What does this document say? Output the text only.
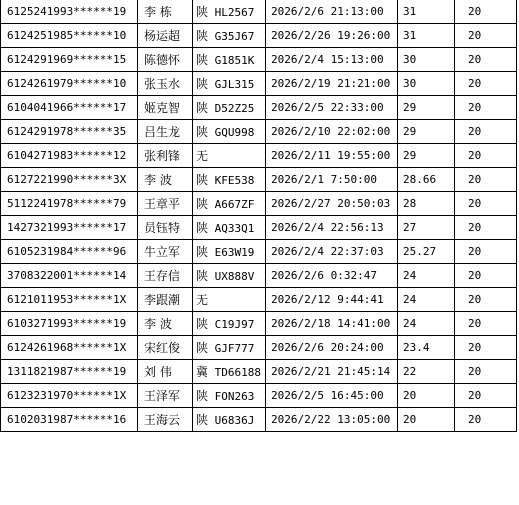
6125241993******19	李 栋	陕 HL2567	2026/2/6 21:13:00	31	20
6124251985******10	杨运超	陕 G35J67	2026/2/26 19:26:00	31	20
6124291969******15	陈德怀	陕 G1851K	2026/2/4 15:13:00	30	20
6124261979******10	张玉水	陕 GJL315	2026/2/19 21:21:00	30	20
6104041966******17	姬克智	陕 D52Z25	2026/2/5 22:33:00	29	20
6124291978******35	吕生龙	陕 GQU998	2026/2/10 22:02:00	29	20
6104271983******12	张利锋	无	2026/2/11 19:55:00	29	20
6127221990******3X	李 波	陕 KFE538	2026/2/1 7:50:00	28.66	20
5112241978******79	王章平	陕 A667ZF	2026/2/27 20:50:03	28	20
1427321993******17	员钰特	陕 AQ33Q1	2026/2/4 22:56:13	27	20
6105231984******96	牛立军	陕 E63W19	2026/2/4 22:37:03	25.27	20
3708322001******14	王存信	陕 UX888V	2026/2/6 0:32:47	24	20
6121011953******1X	李跟潮	无	2026/2/12 9:44:41	24	20
6103271993******19	李 波	陕 C19J97	2026/2/18 14:41:00	24	20
6124261968******1X	宋红俊	陕 GJF777	2026/2/6 20:24:00	23.4	20
1311821987******19	刘 伟	冀 TD66188	2026/2/21 21:45:14	22	20
6123231970******1X	王泽军	陕 FON263	2026/2/5 16:45:00	20	20
6102031987******16	王海云	陕 U6836J	2026/2/22 13:05:00	20	20
